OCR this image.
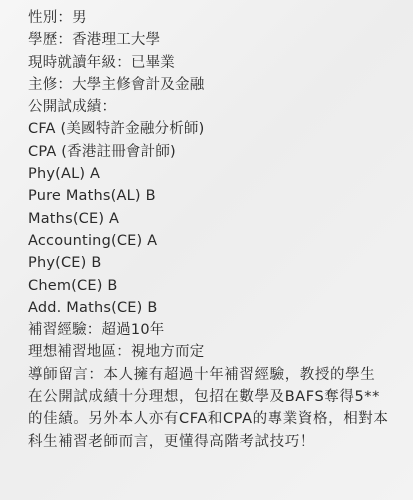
性別：男
學歷：香港理工大學
現時就讀年級：已畢業
主修：大學主修會計及金融
公開試成績：
CFA (美國特許金融分析師)
CPA (香港註冊會計師)
Phy(AL) A
Pure Maths(AL) B
Maths(CE) A
Accounting(CE) A
Phy(CE) B
Chem(CE) B
Add. Maths(CE) B
補習經驗：超過10年
理想補習地區：視地方而定
導師留言：本人擁有超過十年補習經驗，教授的學生在公開試成績十分理想，包招在數學及BAFS奪得5**的佳績。另外本人亦有CFA和CPA的專業資格，相對本科生補習老師而言，更懂得高階考試技巧！
